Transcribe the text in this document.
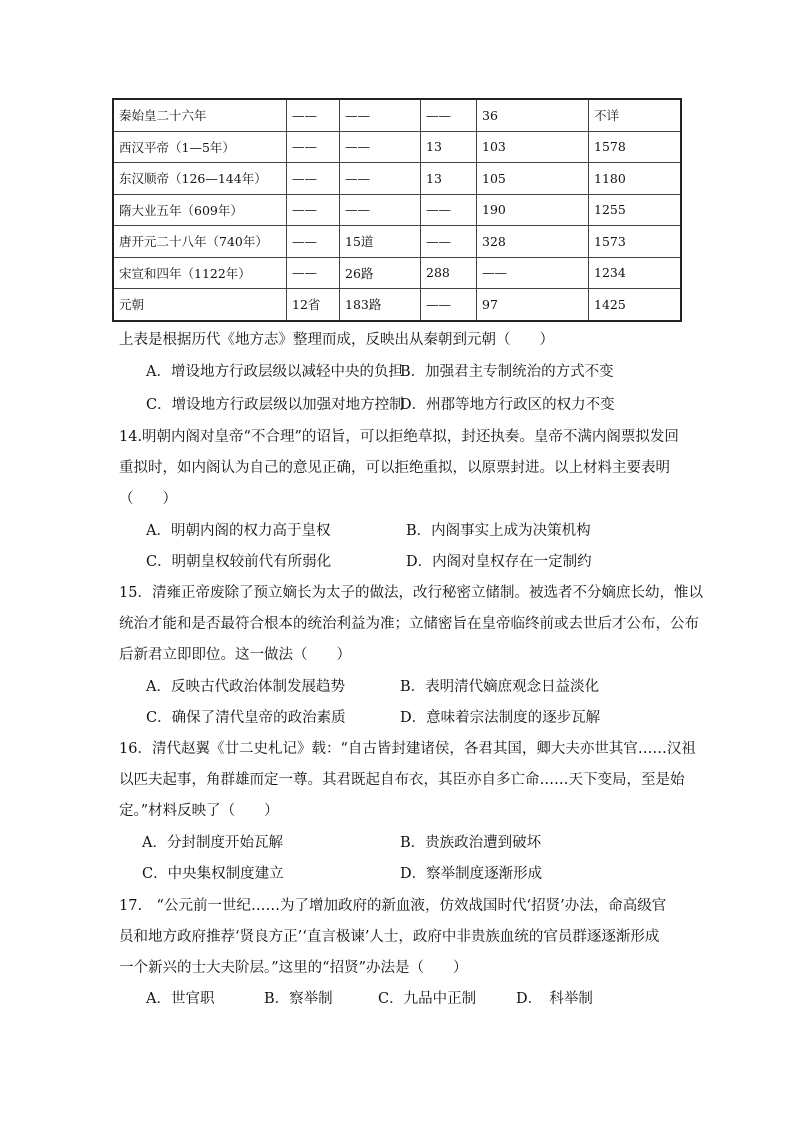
秦始皇二十六年	——	——	——	36	不详
西汉平帝（1—5年）	——	——	13	103	1578
东汉顺帝（126—144年）	——	——	13	105	1180
隋大业五年（609年）	——	——	——	190	1255
唐开元二十八年（740年）	——	15道	——	328	1573
宋宣和四年（1122年）	——	26路	288	——	1234
元朝	12省	183路	——	97	1425
上表是根据历代《地方志》整理而成，反映出从秦朝到元朝（　　）
A．增设地方行政层级以减轻中央的负担
B．加强君主专制统治的方式不变
C．增设地方行政层级以加强对地方控制
D．州郡等地方行政区的权力不变
14.明朝内阁对皇帝“不合理”的诏旨，可以拒绝草拟，封还执奏。皇帝不满内阁票拟发回
重拟时，如内阁认为自己的意见正确，可以拒绝重拟，以原票封进。以上材料主要表明
（　　）
A．明朝内阁的权力高于皇权	B．内阁事实上成为决策机构
C．明朝皇权较前代有所弱化	D．内阁对皇权存在一定制约
15．清雍正帝废除了预立嫡长为太子的做法，改行秘密立储制。被选者不分嫡庶长幼，惟以
统治才能和是否最符合根本的统治利益为准；立储密旨在皇帝临终前或去世后才公布，公布
后新君立即即位。这一做法（　　）
A．反映古代政治体制发展趋势	B．表明清代嫡庶观念日益淡化
C．确保了清代皇帝的政治素质	D．意味着宗法制度的逐步瓦解
16．清代赵翼《廿二史札记》载：“自古皆封建诸侯，各君其国，卿大夫亦世其官……汉祖
以匹夫起事，角群雄而定一尊。其君既起自布衣，其臣亦自多亡命……天下变局，至是始
定。”材料反映了（　　）
A．分封制度开始瓦解	B．贵族政治遭到破坏
C．中央集权制度建立	D．察举制度逐渐形成
17.　“公元前一世纪……为了增加政府的新血液，仿效战国时代‘招贤’办法，命高级官
员和地方政府推荐‘贤良方正’‘直言极谏’人士，政府中非贵族血统的官员群逐逐渐形成
一个新兴的士大夫阶层。”这里的“招贤”办法是（　　）
A．世官职	B．察举制	C．九品中正制	D．　科举制
